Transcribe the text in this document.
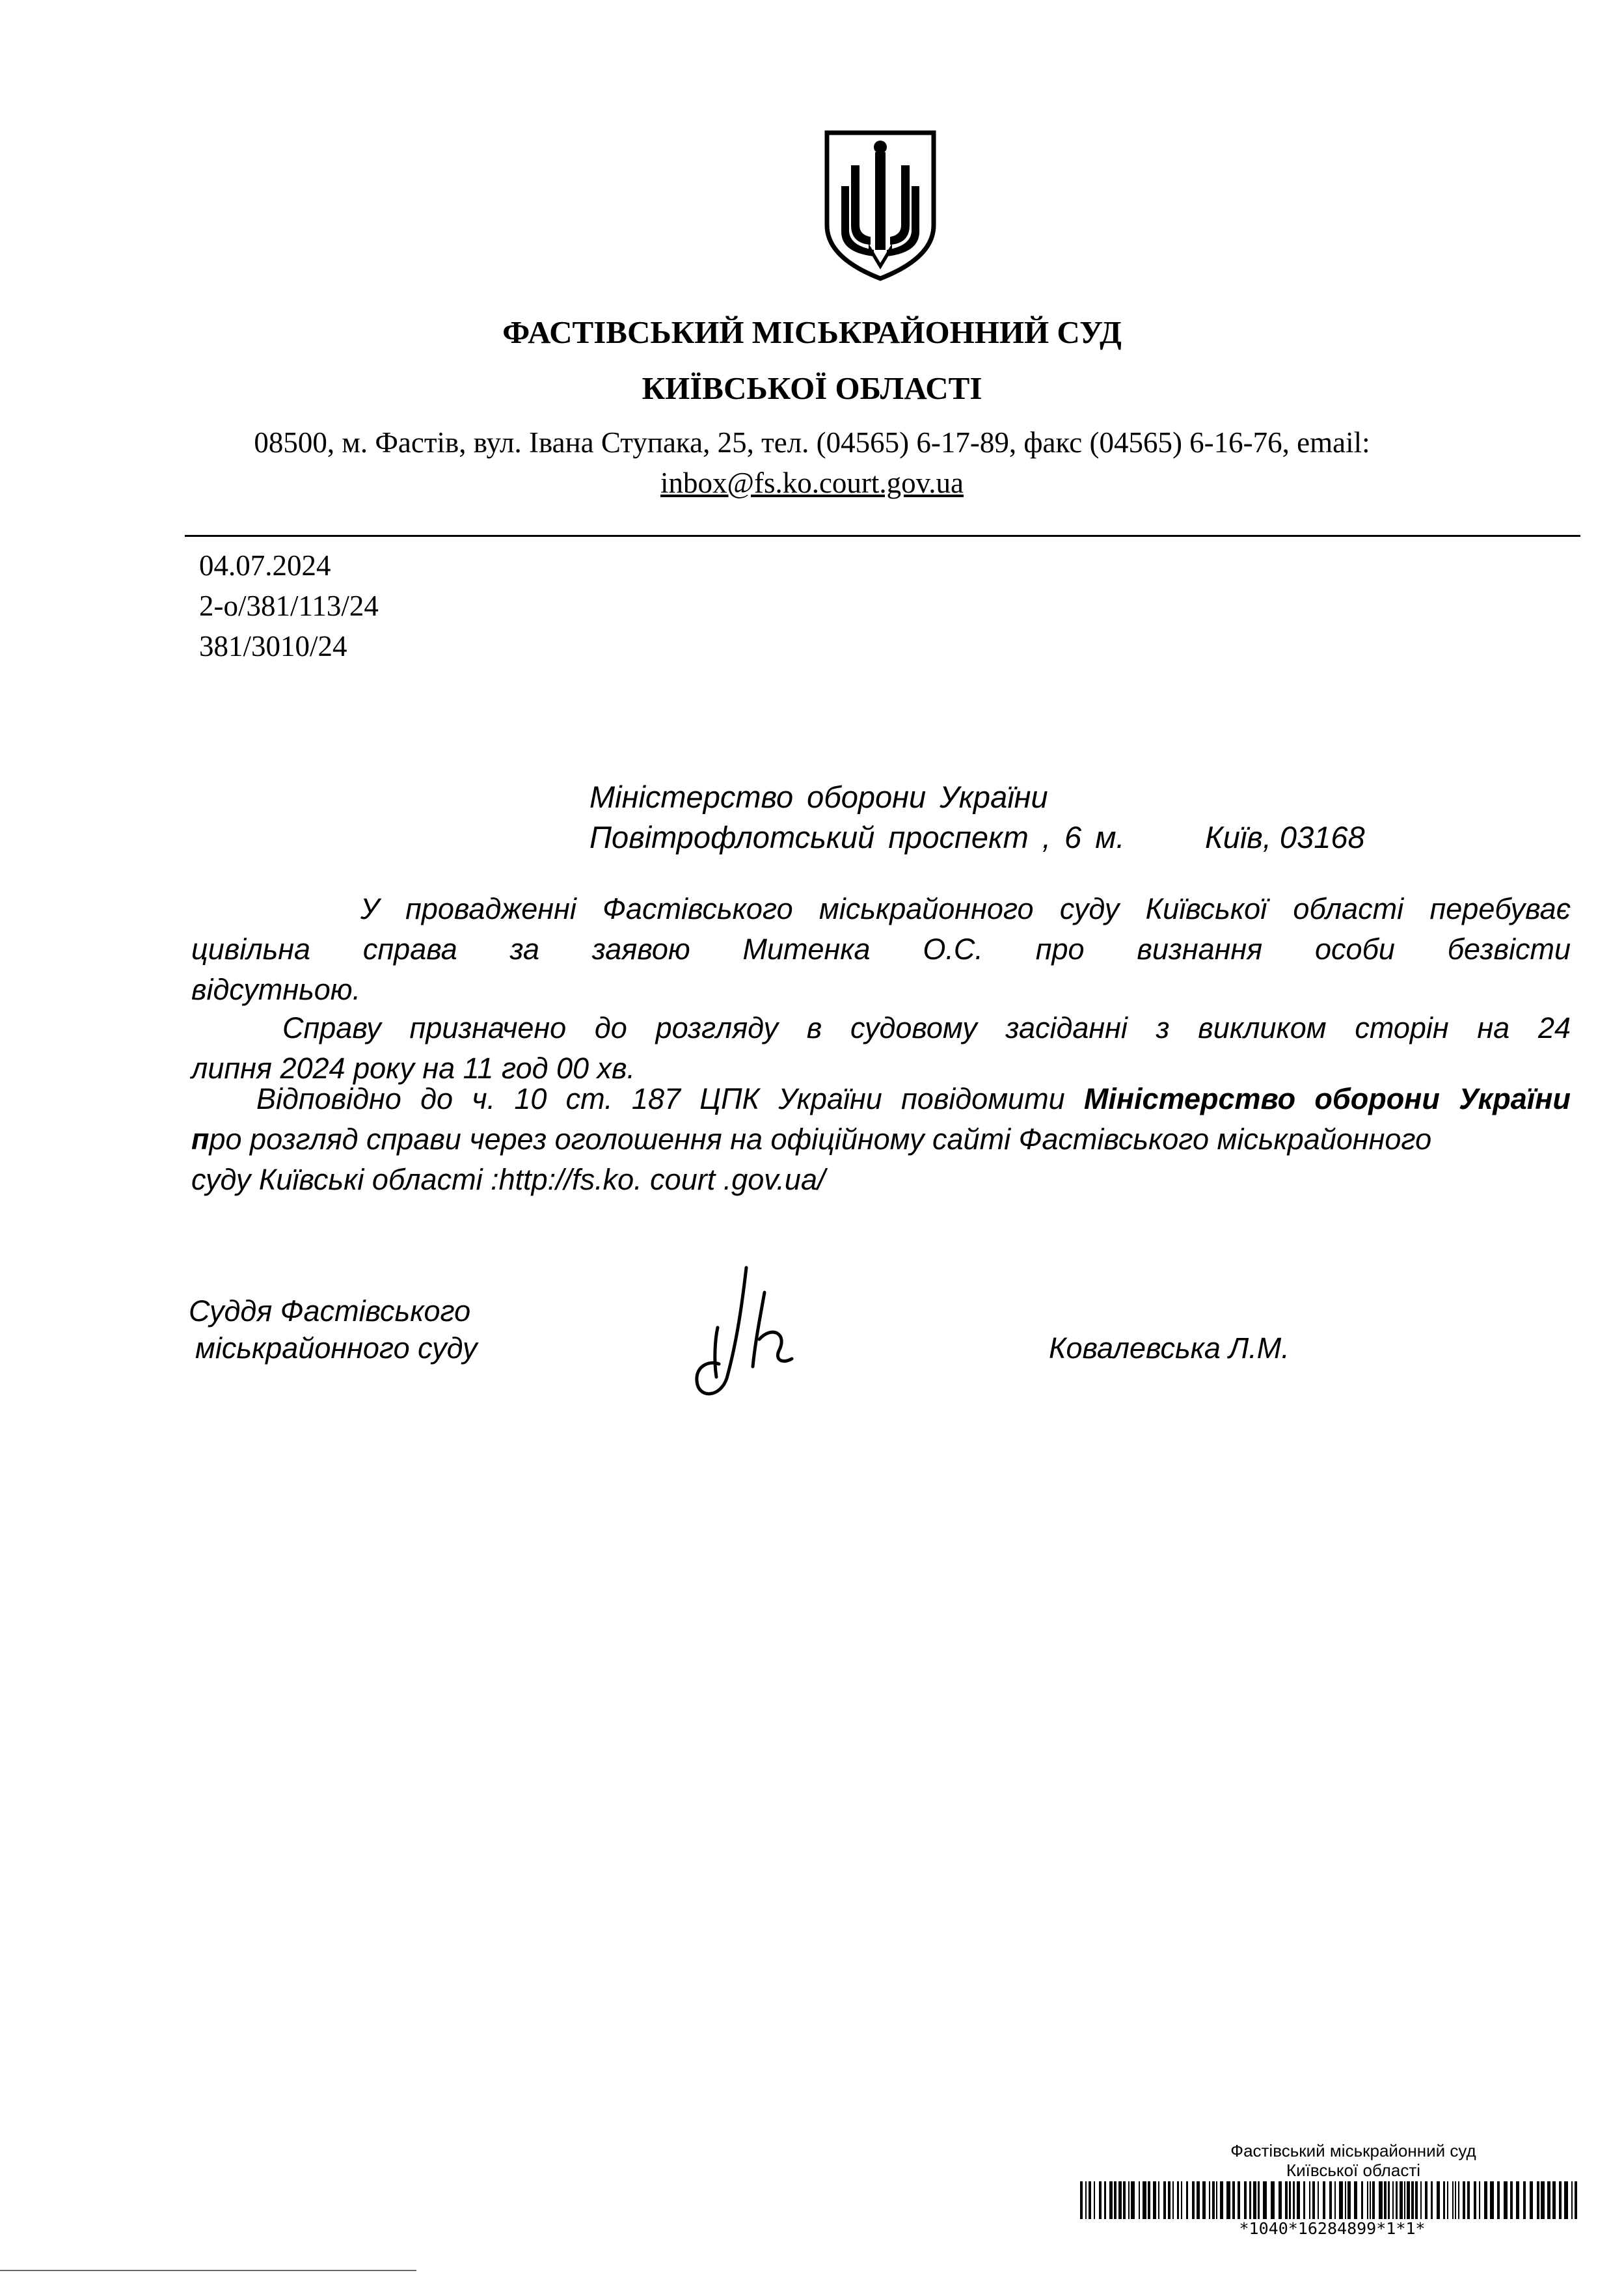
ФАСТІВСЬКИЙ МІСЬКРАЙОННИЙ СУД
КИЇВСЬКОЇ ОБЛАСТІ
08500, м. Фастів, вул. Івана Ступака, 25, тел. (04565) 6-17-89, факс (04565) 6-16-76, email:
inbox@fs.ko.court.gov.ua
04.07.2024
2-о/381/113/24
381/3010/24
Міністерство оборони України
Повітрофлотський проспект , 6 м.	Київ, 03168
У провадженні Фастівського міськрайонного суду Київської області перебуває
цивільна справа за заявою Митенка О.С. про визнання особи безвісти
відсутньою.
Справу призначено до розгляду в судовому засіданні з викликом сторін на 24
липня 2024 року на 11 год 00 хв.
Відповідно до ч. 10 ст. 187 ЦПК України повідомити Міністерство оборони України
про розгляд справи через оголошення на офіційному сайті Фастівського міськрайонного
суду Київські області :http://fs.ko. court .gov.ua/
Суддя Фастівського
міськрайонного суду	Ковалевська Л.М.
Фастівський міськрайонний суд
Київської області
*1040*16284899*1*1*
